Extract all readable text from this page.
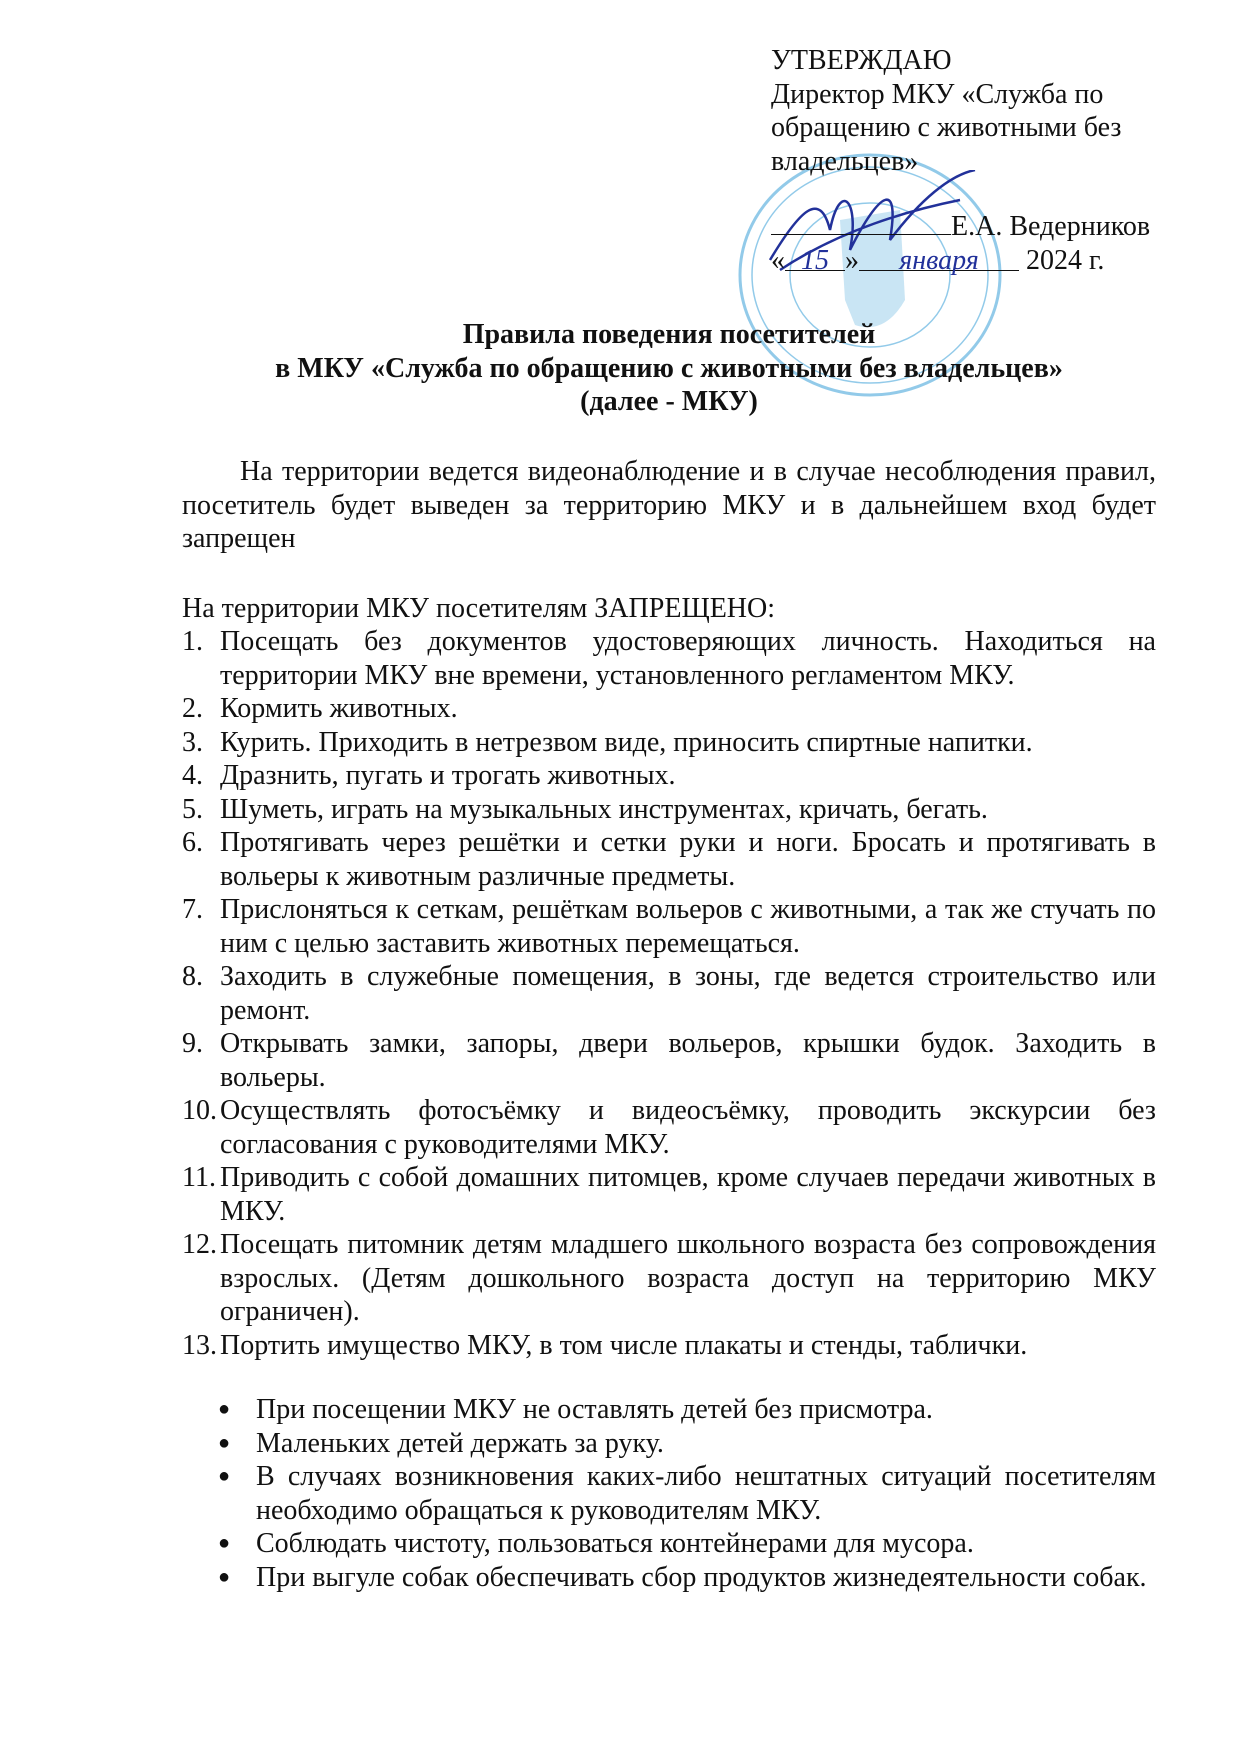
УТВЕРЖДАЮ
Директор МКУ «Служба по
обращению с животными без
владельцев»
Е.А. Ведерников
« 15 » января 2024 г.
Правила поведения посетителей
в МКУ «Служба по обращению с животными без владельцев»
(далее - МКУ)
На территории ведется видеонаблюдение и в случае несоблюдения правил, посетитель будет выведен за территорию МКУ и в дальнейшем вход будет запрещен
На территории МКУ посетителям ЗАПРЕЩЕНО:
1. Посещать без документов удостоверяющих личность. Находиться на территории МКУ вне времени, установленного регламентом МКУ.
2. Кормить животных.
3. Курить. Приходить в нетрезвом виде, приносить спиртные напитки.
4. Дразнить, пугать и трогать животных.
5. Шуметь, играть на музыкальных инструментах, кричать, бегать.
6. Протягивать через решётки и сетки руки и ноги. Бросать и протягивать в вольеры к животным различные предметы.
7. Прислоняться к сеткам, решёткам вольеров с животными, а так же стучать по ним с целью заставить животных перемещаться.
8. Заходить в служебные помещения, в зоны, где ведется строительство или ремонт.
9. Открывать замки, запоры, двери вольеров, крышки будок. Заходить в вольеры.
10. Осуществлять фотосъёмку и видеосъёмку, проводить экскурсии без согласования с руководителями МКУ.
11. Приводить с собой домашних питомцев, кроме случаев передачи животных в МКУ.
12. Посещать питомник детям младшего школьного возраста без сопровождения взрослых. (Детям дошкольного возраста доступ на территорию МКУ ограничен).
13. Портить имущество МКУ, в том числе плакаты и стенды, таблички.
● При посещении МКУ не оставлять детей без присмотра.
● Маленьких детей держать за руку.
● В случаях возникновения каких-либо нештатных ситуаций посетителям необходимо обращаться к руководителям МКУ.
● Соблюдать чистоту, пользоваться контейнерами для мусора.
● При выгуле собак обеспечивать сбор продуктов жизнедеятельности собак.
